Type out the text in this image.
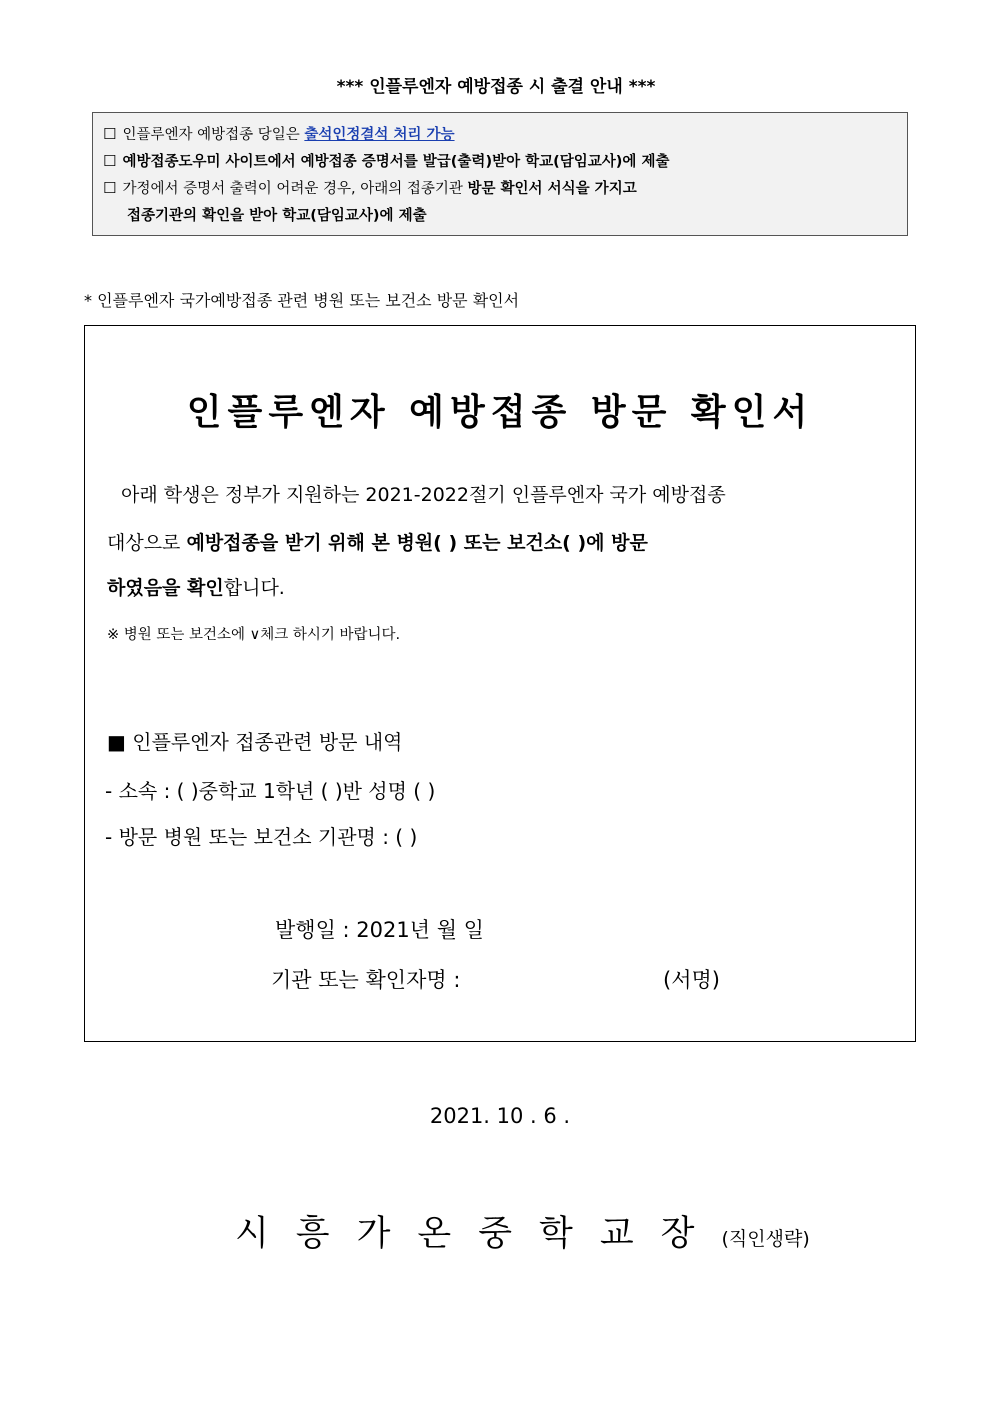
*** 인플루엔자 예방접종 시 출결 안내 ***
☐ 인플루엔자 예방접종 당일은 출석인정결석 처리 가능
☐ 예방접종도우미 사이트에서 예방접종 증명서를 발급(출력)받아 학교(담임교사)에 제출
☐ 가정에서 증명서 출력이 어려운 경우, 아래의 접종기관 방문 확인서 서식을 가지고
접종기관의 확인을 받아 학교(담임교사)에 제출
* 인플루엔자 국가예방접종 관련 병원 또는 보건소 방문 확인서
인플루엔자 예방접종 방문 확인서
아래 학생은 정부가 지원하는 2021-2022절기 인플루엔자 국가 예방접종
대상으로 예방접종을 받기 위해 본 병원( ) 또는 보건소( )에 방문
하였음을 확인합니다.
※ 병원 또는 보건소에 ∨체크 하시기 바랍니다.
■ 인플루엔자 접종관련 방문 내역
- 소속 : ( )중학교 1학년 ( )반 성명 ( )
- 방문 병원 또는 보건소 기관명 : ( )
발행일 : 2021년 월 일
기관 또는 확인자명 :	(서명)
2021. 10 . 6 .
시흥가온중학교장(직인생략)
